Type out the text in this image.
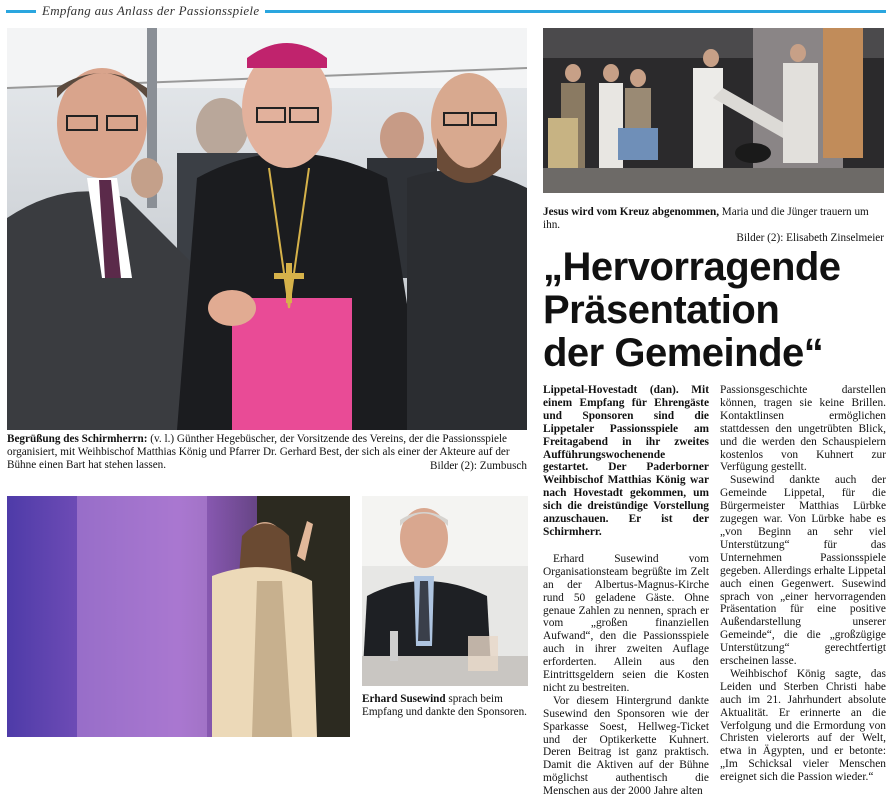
Empfang aus Anlass der Passionsspiele
Jesus wird vom Kreuz abgenommen, Maria und die Jünger trauern um ihn.
Bilder (2): Elisabeth Zinselmeier
„Hervorragende
Präsentation
der Gemeinde“
Begrüßung des Schirmherrn: (v. l.) Günther Hegebüscher, der Vorsitzende des Vereins, der die Passionsspiele organisiert, mit Weihbischof Matthias König und Pfarrer Dr. Gerhard Best, der sich als einer der Akteure auf der Bühne einen Bart hat stehen lassen.	Bilder (2): Zumbusch
Erhard Susewind sprach beim Empfang und dankte den Sponsoren.

Lippetal-Hovestadt (dan). Mit einem Empfang für Ehrengäste und Sponsoren sind die Lippetaler Passionsspiele am Freitagabend in ihr zweites Aufführungswochenende gestartet. Der Paderborner Weihbischof Matthias König war nach Hovestadt gekommen, um sich die dreistündige Vorstellung anzuschauen. Er ist der Schirmherr.

Erhard Susewind vom Organisationsteam begrüßte im Zelt an der Albertus-Magnus-Kirche rund 50 geladene Gäste. Ohne genaue Zahlen zu nennen, sprach er vom „großen finanziellen Aufwand“, den die Passionsspiele auch in ihrer zweiten Auflage erforderten. Allein aus den Eintrittsgeldern seien die Kosten nicht zu bestreiten.

Vor diesem Hintergrund dankte Susewind den Sponsoren wie der Sparkasse Soest, Hellweg-Ticket und der Optikerkette Kuhnert. Deren Beitrag ist ganz praktisch. Damit die Aktiven auf der Bühne möglichst authentisch die Menschen aus der 2000 Jahre alten

Passionsgeschichte darstellen können, tragen sie keine Brillen. Kontaktlinsen ermöglichen stattdessen den ungetrübten Blick, und die werden den Schauspielern kostenlos von Kuhnert zur Verfügung gestellt.

Susewind dankte auch der Gemeinde Lippetal, für die Bürgermeister Matthias Lürbke zugegen war. Von Lürbke habe es „von Beginn an sehr viel Unterstützung“ für das Unternehmen Passionsspiele gegeben. Allerdings erhalte Lippetal auch einen Gegenwert. Susewind sprach von „einer hervorragenden Präsentation für eine positive Außendarstellung unserer Gemeinde“, die die „großzügige Unterstützung“ gerechtfertigt erscheinen lasse.

Weihbischof König sagte, das Leiden und Sterben Christi habe auch im 21. Jahrhundert absolute Aktualität. Er erinnerte an die Verfolgung und die Ermordung von Christen vielerorts auf der Welt, etwa in Ägypten, und er betonte: „Im Schicksal vieler Menschen ereignet sich die Passion wieder.“
